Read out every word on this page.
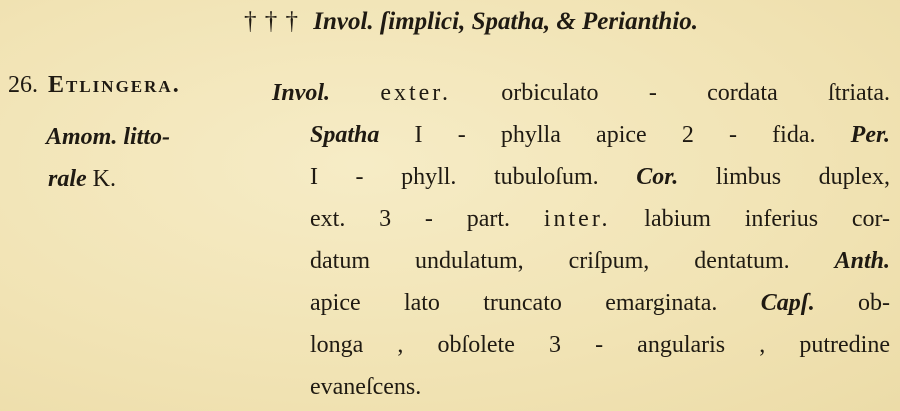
† † † Invol. ſimplici, Spatha, & Perianthio.
26. Etlingera.
Amom. litto-
rale K.
Invol. exter. orbiculato - cordata ſtriata.
Spatha I - phylla apice 2 - fida. Per.
I - phyll. tubuloſum. Cor. limbus duplex,
ext. 3 - part. inter. labium inferius cor-
datum undulatum, criſpum, dentatum. Anth.
apice lato truncato emarginata. Capſ. ob-
longa , obſolete 3 - angularis , putredine
evaneſcens.
